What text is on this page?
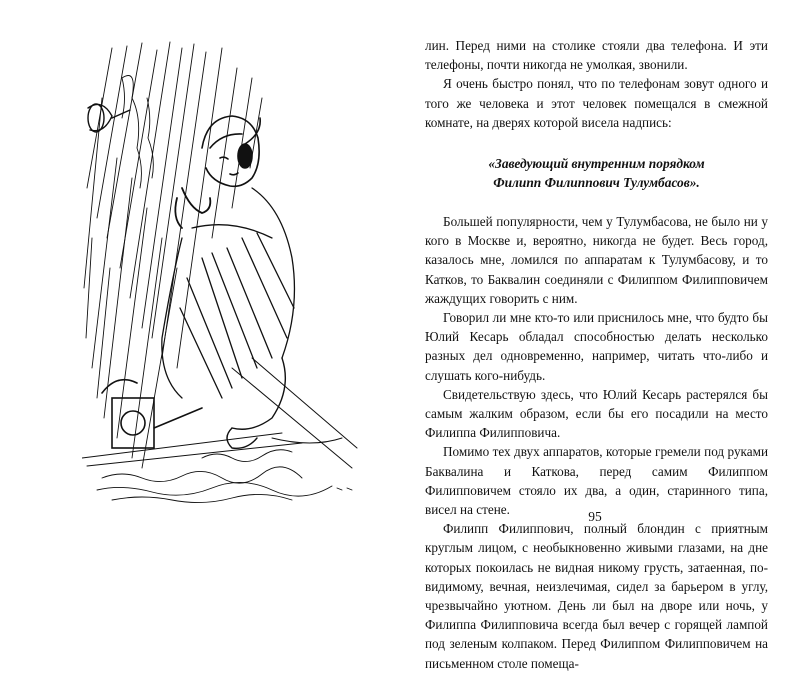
лин. Перед ними на столике стояли два телефона. И эти телефоны, почти никогда не умолкая, звонили.

Я очень быстро понял, что по телефонам зовут одного и того же человека и этот человек помещался в смежной комнате, на дверях которой висела надпись:

«Заведующий внутренним порядком
Филипп Филиппович Тулумбасов».

Большей популярности, чем у Тулумбасова, не было ни у кого в Москве и, вероятно, никогда не будет. Весь город, казалось мне, ломился по аппаратам к Тулумбасову, и то Катков, то Баквалин соединяли с Филиппом Филипповичем жаждущих говорить с ним.

Говорил ли мне кто-то или приснилось мне, что будто бы Юлий Кесарь обладал способностью делать несколько разных дел одновременно, например, читать что-либо и слушать кого-нибудь.

Свидетельствую здесь, что Юлий Кесарь растерялся бы самым жалким образом, если бы его посадили на место Филиппа Филипповича.

Помимо тех двух аппаратов, которые гремели под руками Баквалина и Каткова, перед самим Филиппом Филипповичем стояло их два, а один, старинного типа, висел на стене.

Филипп Филиппович, полный блондин с приятным круглым лицом, с необыкновенно живыми глазами, на дне которых покоилась не видная никому грусть, затаенная, по-видимому, вечная, неизлечимая, сидел за барьером в углу, чрезвычайно уютном. День ли был на дворе или ночь, у Филиппа Филипповича всегда был вечер с горящей лампой под зеленым колпаком. Перед Филиппом Филипповичем на письменном столе помеща-

95
